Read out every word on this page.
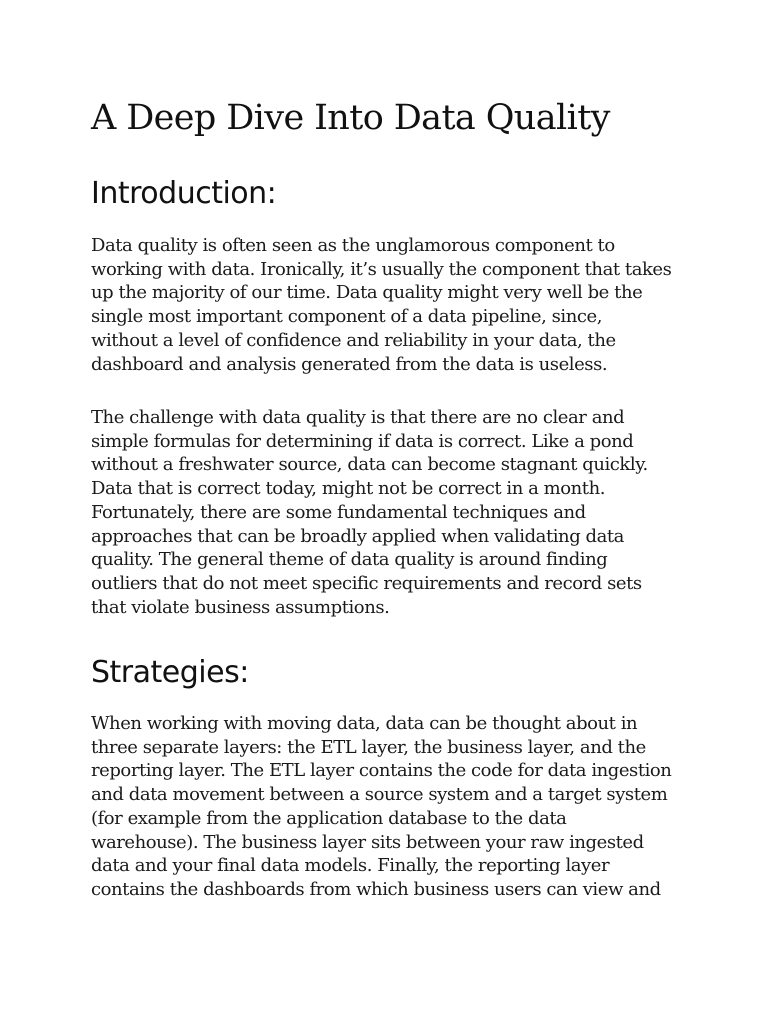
A Deep Dive Into Data Quality
Introduction:

Data quality is often seen as the unglamorous component to
working with data. Ironically, it’s usually the component that takes
up the majority of our time. Data quality might very well be the
single most important component of a data pipeline, since,
without a level of confidence and reliability in your data, the
dashboard and analysis generated from the data is useless.

The challenge with data quality is that there are no clear and
simple formulas for determining if data is correct. Like a pond
without a freshwater source, data can become stagnant quickly.
Data that is correct today, might not be correct in a month.
Fortunately, there are some fundamental techniques and
approaches that can be broadly applied when validating data
quality. The general theme of data quality is around finding
outliers that do not meet specific requirements and record sets
that violate business assumptions.

Strategies:

When working with moving data, data can be thought about in
three separate layers: the ETL layer, the business layer, and the
reporting layer. The ETL layer contains the code for data ingestion
and data movement between a source system and a target system
(for example from the application database to the data
warehouse). The business layer sits between your raw ingested
data and your final data models. Finally, the reporting layer
contains the dashboards from which business users can view and
